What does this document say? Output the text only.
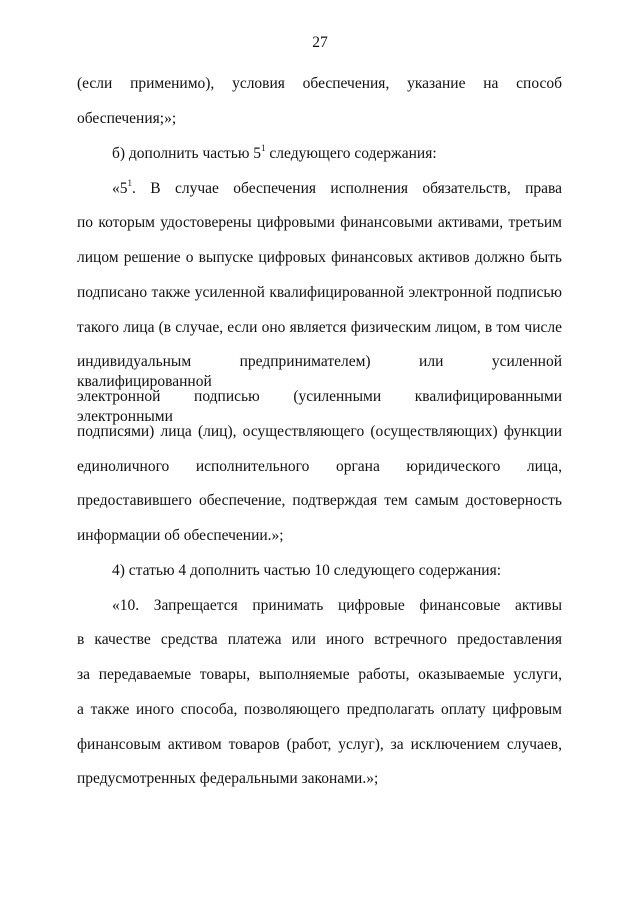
27
(если применимо), условия обеспечения, указание на способ
обеспечения;»;
б) дополнить частью $5^1$ следующего содержания:
«$5^1$. В случае обеспечения исполнения обязательств, права
по которым удостоверены цифровыми финансовыми активами, третьим
лицом решение о выпуске цифровых финансовых активов должно быть
подписано также усиленной квалифицированной электронной подписью
такого лица (в случае, если оно является физическим лицом, в том числе
индивидуальным предпринимателем) или усиленной квалифицированной
электронной подписью (усиленными квалифицированными электронными
подписями) лица (лиц), осуществляющего (осуществляющих) функции
единоличного исполнительного органа юридического лица,
предоставившего обеспечение, подтверждая тем самым достоверность
информации об обеспечении.»;
4) статью 4 дополнить частью 10 следующего содержания:
«10. Запрещается принимать цифровые финансовые активы
в качестве средства платежа или иного встречного предоставления
за передаваемые товары, выполняемые работы, оказываемые услуги,
а также иного способа, позволяющего предполагать оплату цифровым
финансовым активом товаров (работ, услуг), за исключением случаев,
предусмотренных федеральными законами.»;
